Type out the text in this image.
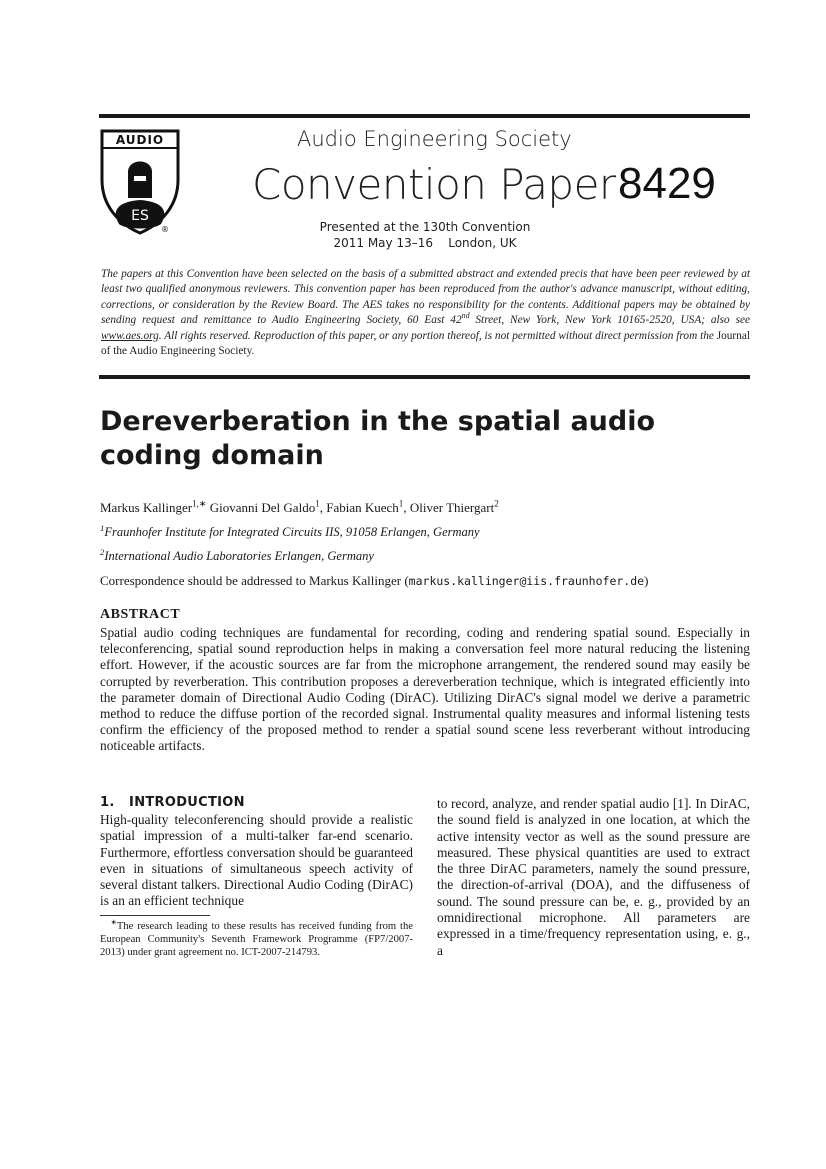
AUDIO
ES
®
Audio Engineering Society
Convention Paper 8429
Presented at the 130th Convention
2011 May 13–16    London, UK
The papers at this Convention have been selected on the basis of a submitted abstract and extended precis that have been peer reviewed by at least two qualified anonymous reviewers. This convention paper has been reproduced from the author's advance manuscript, without editing, corrections, or consideration by the Review Board. The AES takes no responsibility for the contents. Additional papers may be obtained by sending request and remittance to Audio Engineering Society, 60 East 42nd Street, New York, New York 10165-2520, USA; also see www.aes.org. All rights reserved. Reproduction of this paper, or any portion thereof, is not permitted without direct permission from the Journal of the Audio Engineering Society.
Dereverberation in the spatial audio coding domain
Markus Kallinger$^{1,∗}$ Giovanni Del Galdo$^1$, Fabian Kuech$^1$, Oliver Thiergart$^2$
$^1$Fraunhofer Institute for Integrated Circuits IIS, 91058 Erlangen, Germany
$^2$International Audio Laboratories Erlangen, Germany
Correspondence should be addressed to Markus Kallinger (markus.kallinger@iis.fraunhofer.de)
ABSTRACT
Spatial audio coding techniques are fundamental for recording, coding and rendering spatial sound. Especially in teleconferencing, spatial sound reproduction helps in making a conversation feel more natural reducing the listening effort. However, if the acoustic sources are far from the microphone arrangement, the rendered sound may easily be corrupted by reverberation. This contribution proposes a dereverberation technique, which is integrated efficiently into the parameter domain of Directional Audio Coding (DirAC). Utilizing DirAC's signal model we derive a parametric method to reduce the diffuse portion of the recorded signal. Instrumental quality measures and informal listening tests confirm the efficiency of the proposed method to render a spatial sound scene less reverberant without introducing noticeable artifacts.
1.   INTRODUCTION
High-quality teleconferencing should provide a realistic spatial impression of a multi-talker far-end scenario. Furthermore, effortless conversation should be guaranteed even in situations of simultaneous speech activity of several distant talkers. Directional Audio Coding (DirAC) is an an efficient technique
to record, analyze, and render spatial audio [1]. In DirAC, the sound field is analyzed in one location, at which the active intensity vector as well as the sound pressure are measured. These physical quantities are used to extract the three DirAC parameters, namely the sound pressure, the direction-of-arrival (DOA), and the diffuseness of sound. The sound pressure can be, e. g., provided by an omnidirectional microphone. All parameters are expressed in a time/frequency representation using, e. g., a
 ∗The research leading to these results has received funding from the European Community's Seventh Framework Programme (FP7/2007-2013) under grant agreement no. ICT-2007-214793.
